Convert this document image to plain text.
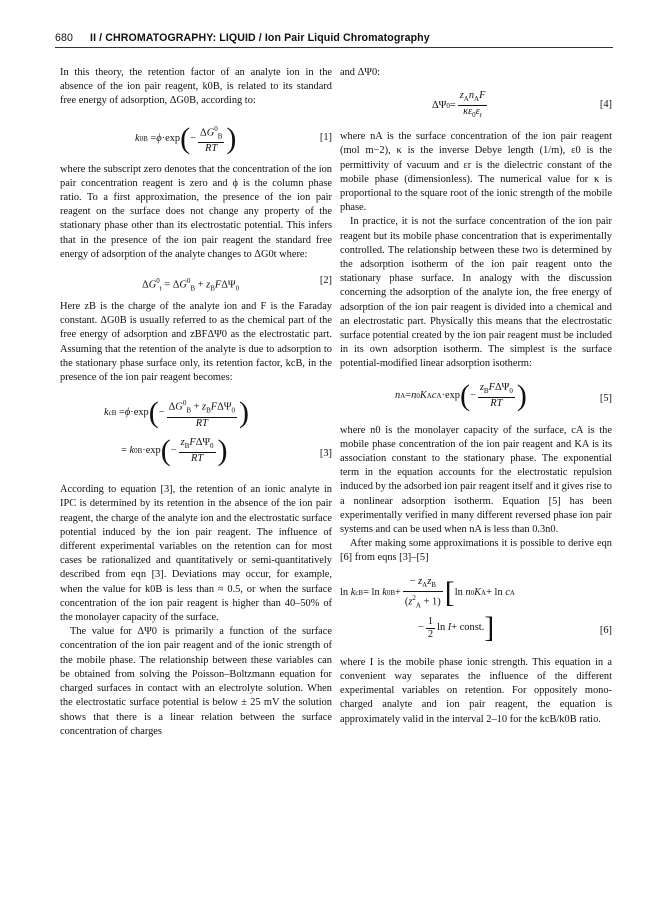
680 II / CHROMATOGRAPHY: LIQUID / Ion Pair Liquid Chromatography

In this theory, the retention factor of an analyte ion in the absence of the ion pair reagent, k0B, is related to its standard free energy of adsorption, ΔG0B, according to:

k 0B = ϕ ·exp ( − $\frac{\Delta G^0_B}{RT}$ )	[1]

where the subscript zero denotes that the concentration of the ion pair concentration reagent is zero and ϕ is the column phase ratio. To a first approximation, the presence of the ion pair reagent on the surface does not change any property of the stationary phase other than its electrostatic potential. This infers that in the presence of the ion pair reagent the standard free energy of adsorption of the analyte changes to ΔG0t where:

$\Delta G^0_t = \Delta G^0_B + z_BF\Delta\Psi_0$
[2]

Here zB is the charge of the analyte ion and F is the Faraday constant. ΔG0B is usually referred to as the chemical part of the free energy of adsorption and zBFΔΨ0 as the electrostatic part. Assuming that the retention of the analyte is due to adsorption to the stationary phase surface only, its retention factor, kcB, in the presence of the ion pair reagent becomes:

k cB = ϕ ·exp ( − $\frac{\Delta G^0_B + z_BF\Delta\Psi_0}{RT}$ )
= k 0B ·exp ( − $\frac{z_BF\Delta\Psi_0}{RT}$ )	[3]

According to equation [3], the retention of an ionic analyte in IPC is determined by its retention in the absence of the ion pair reagent, the charge of the analyte ion and the electrostatic surface potential induced by the ion pair reagent. The influence of different experimental variables on the retention can for most cases be rationalized and quantitatively or semi-quantitatively described from eqn [3]. Deviations may occur, for example, when the value for k0B is less than ≈ 0.5, or when the surface concentration of the ion pair reagent is higher than 40–50% of the monolayer capacity of the surface.

The value for ΔΨ0 is primarily a function of the surface concentration of the ion pair reagent and of the ionic strength of the mobile phase. The relationship between these variables can be obtained from solving the Poisson–Boltzmann equation for charged surfaces in contact with an electrolyte solution. When the electrostatic surface potential is below ± 25 mV the solution shows that there is a linear relation between the surface concentration of charges

and ΔΨ0:

ΔΨ $0 = \frac{z_An_AF}{\kappa\varepsilon_0\varepsilon_r}$	[4]

where nA is the surface concentration of the ion pair reagent (mol m−2), κ is the inverse Debye length (1/m), ε0 is the permittivity of vacuum and εr is the dielectric constant of the mobile phase (dimensionless). The numerical value for κ is proportional to the square root of the ionic strength of the mobile phase.

In practice, it is not the surface concentration of the ion pair reagent but its mobile phase concentration that is experimentally controlled. The relationship between these two is determined by the adsorption isotherm of the ion pair reagent onto the stationary phase surface. In analogy with the discussion concerning the adsorption of the analyte ion, the free energy of adsorption of the ion pair reagent is divided into a chemical and an electrostatic part. Physically this means that the electrostatic surface potential created by the ion pair reagent must be included in its own adsorption isotherm. The simplest is the surface potential-modified linear adsorption isotherm:

n A = n 0 K A c A ·exp ( − $\frac{z_BF\Delta\Psi_0}{RT}$ )	[5]

where n0 is the monolayer capacity of the surface, cA is the mobile phase concentration of the ion pair reagent and KA is its association constant to the stationary phase. The exponential term in the equation accounts for the electrostatic repulsion induced by the adsorbed ion pair reagent itself and it gives rise to a nonlinear adsorption isotherm. Equation [5] has been experimentally verified in many different reversed phase ion pair systems and can be used when nA is less than 0.3n0.

After making some approximations it is possible to derive eqn [6] from eqns [3]–[5]

ln k cB = ln k $0B + \frac{- z_Az_B}{(z^2_A + 1)}$ [ ln n 0 K A + ln c A
− $\frac{1}{2}$ ln I + const. ]	[6]

where I is the mobile phase ionic strength. This equation in a convenient way separates the influence of the different experimental variables on retention. For oppositely mono-charged analyte and ion pair reagent, the equation is approximately valid in the interval 2–10 for the kcB/k0B ratio.
